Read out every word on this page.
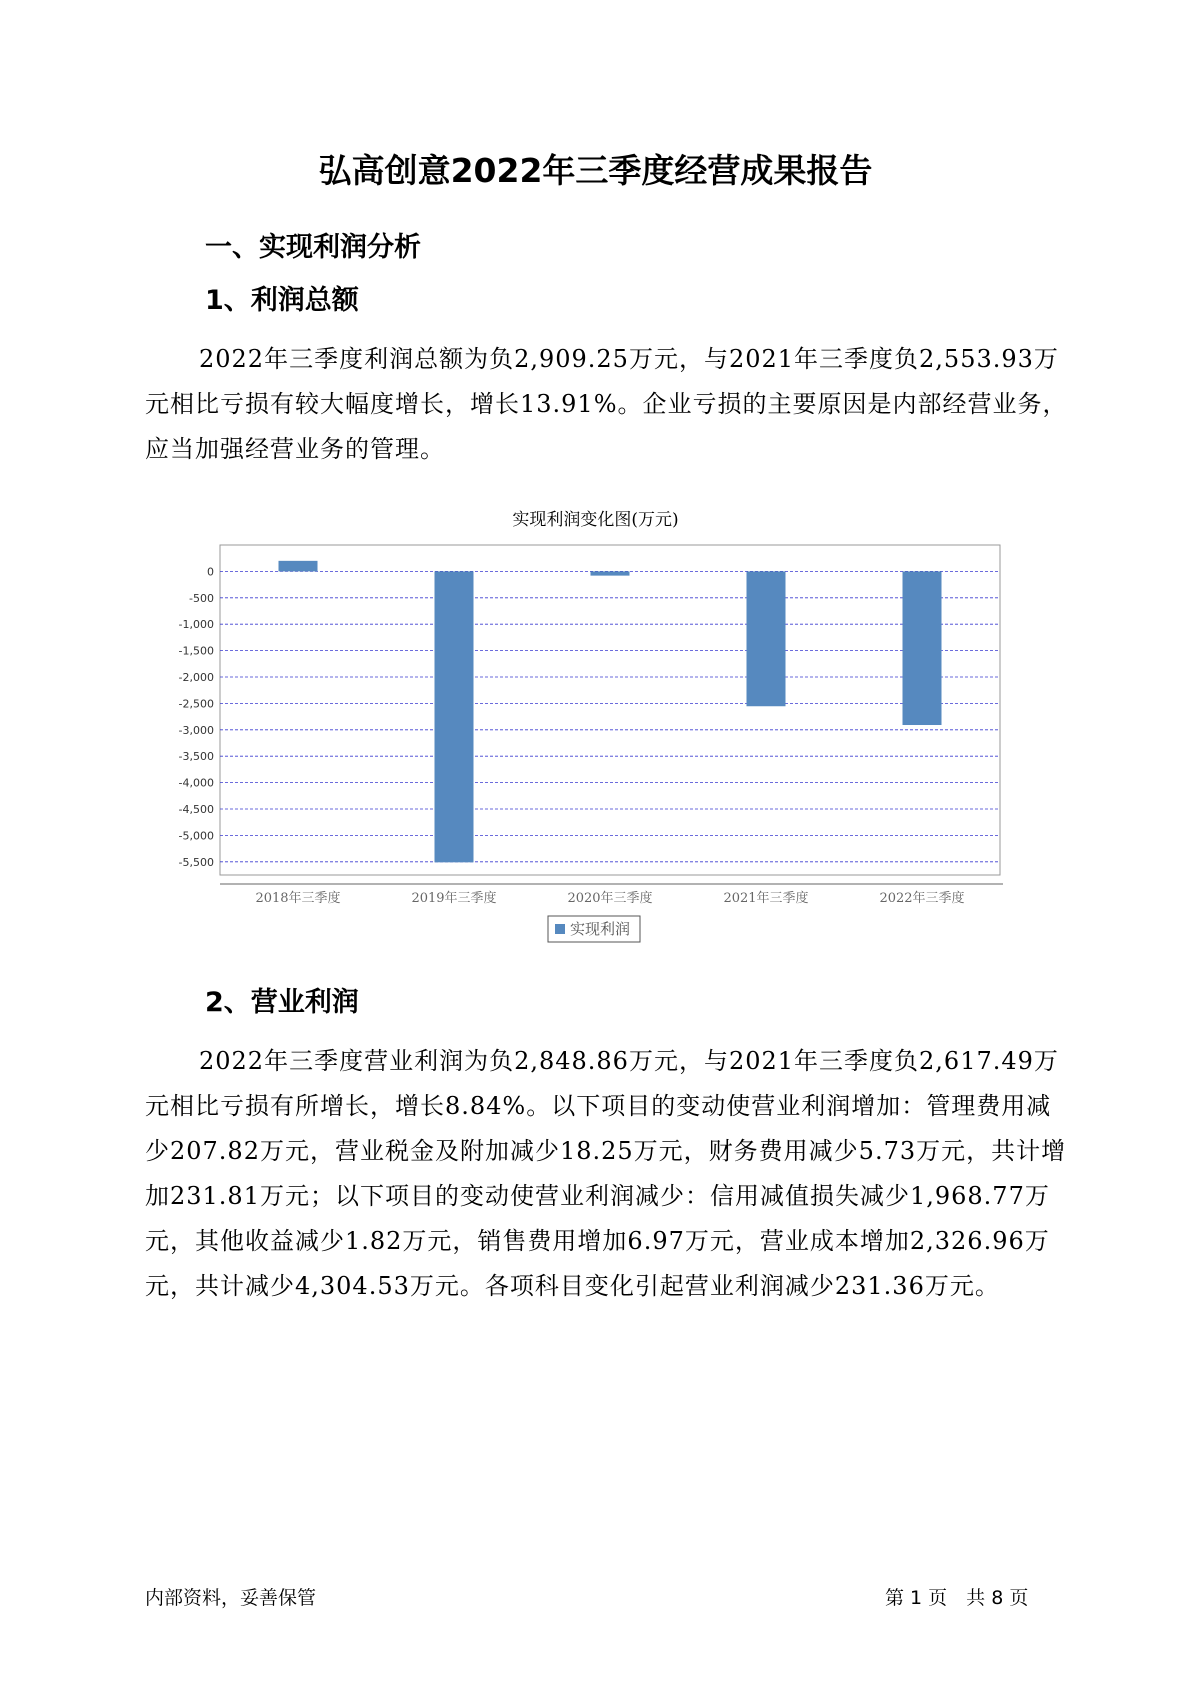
弘高创意2022年三季度经营成果报告
一、实现利润分析
1、利润总额
2022年三季度利润总额为负2,909.25万元，与2021年三季度负2,553.93万元相比亏损有较大幅度增长，增长13.91%。企业亏损的主要原因是内部经营业务，应当加强经营业务的管理。
实现利润变化图(万元)
0
-500
-1,000
-1,500
-2,000
-2,500
-3,000
-3,500
-4,000
-4,500
-5,000
-5,500
2018年三季度	2019年三季度	2020年三季度	2021年三季度	2022年三季度
实现利润
2、营业利润
2022年三季度营业利润为负2,848.86万元，与2021年三季度负2,617.49万元相比亏损有所增长，增长8.84%。以下项目的变动使营业利润增加：管理费用减少207.82万元，营业税金及附加减少18.25万元，财务费用减少5.73万元，共计增加231.81万元；以下项目的变动使营业利润减少：信用减值损失减少1,968.77万元，其他收益减少1.82万元，销售费用增加6.97万元，营业成本增加2,326.96万元，共计减少4,304.53万元。各项科目变化引起营业利润减少231.36万元。
内部资料，妥善保管	第 1 页　共 8 页
